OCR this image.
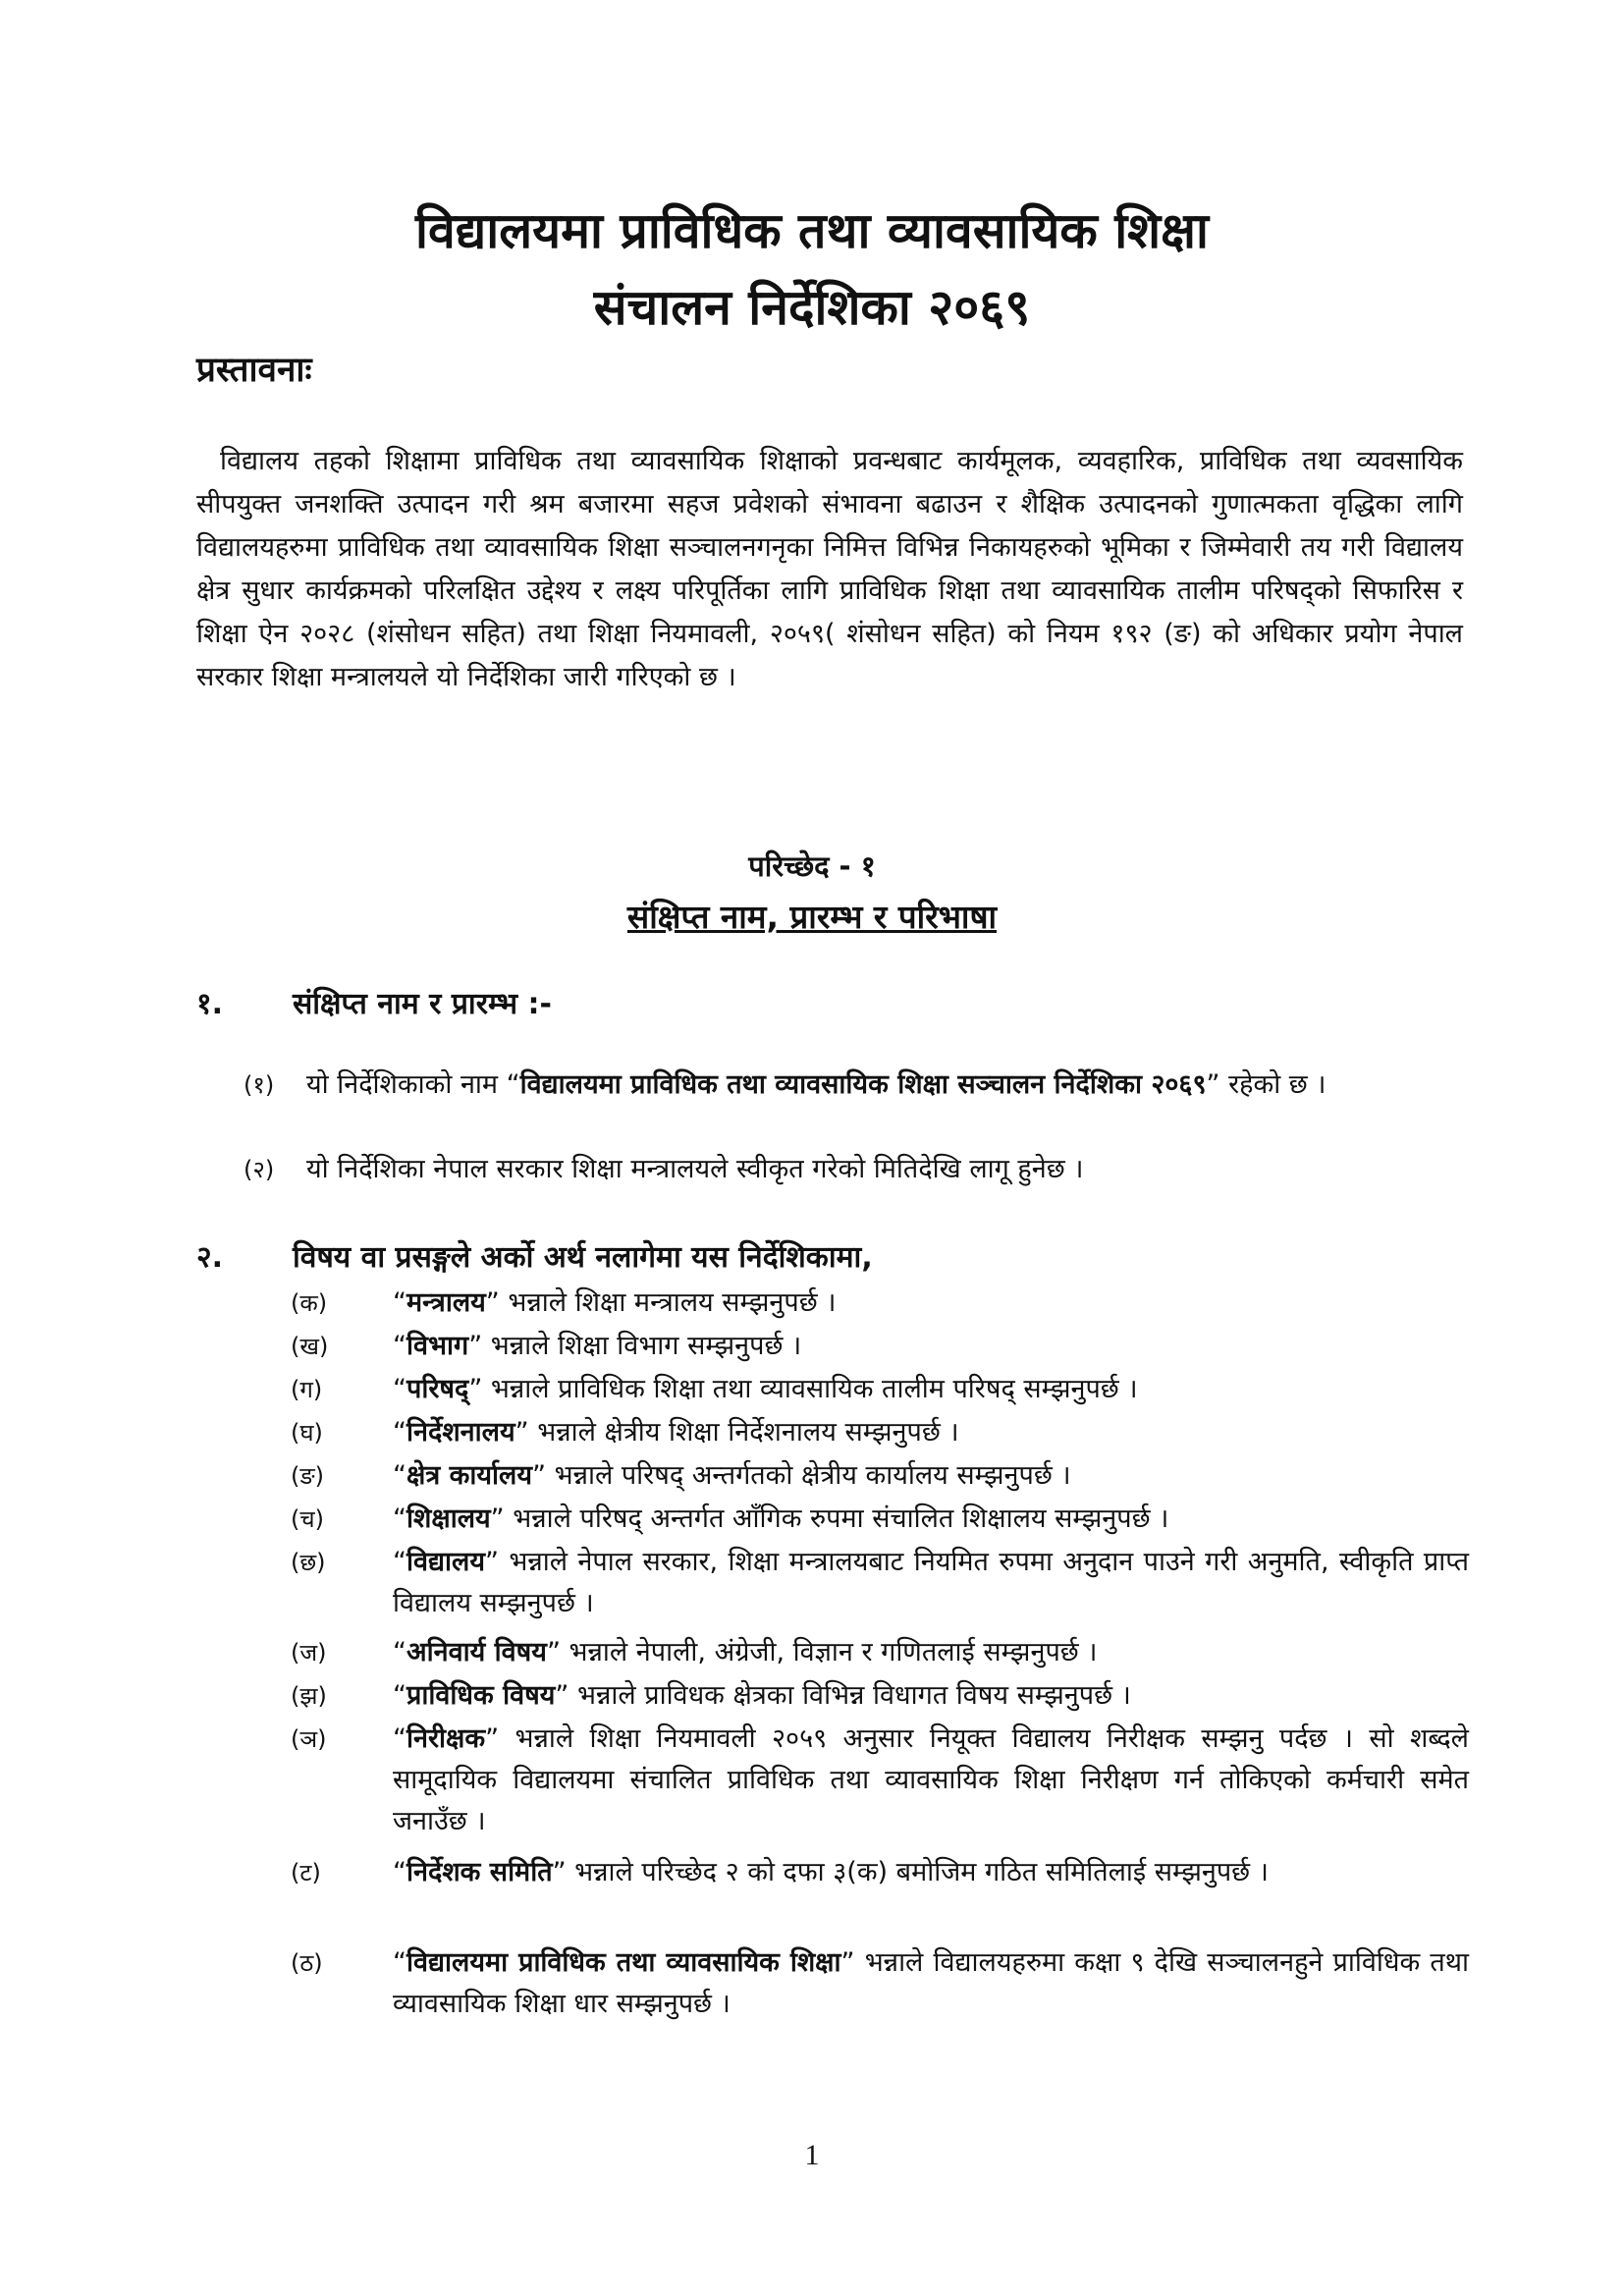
विद्यालयमा प्राविधिक तथा व्यावसायिक शिक्षा
संचालन निर्देशिका २०६९
प्रस्तावनाः

विद्यालय तहको शिक्षामा प्राविधिक तथा व्यावसायिक शिक्षाको प्रवन्धबाट कार्यमूलक, व्यवहारिक, प्राविधिक तथा व्यवसायिक सीपयुक्त जनशक्ति उत्पादन गरी श्रम बजारमा सहज प्रवेशको संभावना बढाउन र शैक्षिक उत्पादनको गुणात्मकता वृद्धिका लागि विद्यालयहरुमा प्राविधिक तथा व्यावसायिक शिक्षा सञ्चालनगनृका निमित्त विभिन्न निकायहरुको भूमिका र जिम्मेवारी तय गरी विद्यालय क्षेत्र सुधार कार्यक्रमको परिलक्षित उद्देश्य र लक्ष्य परिपूर्तिका लागि प्राविधिक शिक्षा तथा व्यावसायिक तालीम परिषद्को सिफारिस र शिक्षा ऐन २०२८ (शंसोधन सहित) तथा शिक्षा नियमावली, २०५९( शंसोधन सहित) को नियम १९२ (ङ) को अधिकार प्रयोग नेपाल सरकार शिक्षा मन्त्रालयले यो निर्देशिका जारी गरिएको छ ।

परिच्छेद - १

संक्षिप्त नाम, प्रारम्भ र परिभाषा

१. संक्षिप्त नाम र प्रारम्भ :-
(१) यो निर्देशिकाको नाम “विद्यालयमा प्राविधिक तथा व्यावसायिक शिक्षा सञ्चालन निर्देशिका २०६९” रहेको छ ।
(२) यो निर्देशिका नेपाल सरकार शिक्षा मन्त्रालयले स्वीकृत गरेको मितिदेखि लागू हुनेछ ।
२. विषय वा प्रसङ्गले अर्को अर्थ नलागेमा यस निर्देशिकामा,
(क) “मन्त्रालय” भन्नाले शिक्षा मन्त्रालय सम्झनुपर्छ ।
(ख) “विभाग” भन्नाले शिक्षा विभाग सम्झनुपर्छ ।
(ग)	“परिषद्” भन्नाले प्राविधिक शिक्षा तथा व्यावसायिक तालीम परिषद् सम्झनुपर्छ ।
(घ)	“निर्देशनालय” भन्नाले क्षेत्रीय शिक्षा निर्देशनालय सम्झनुपर्छ ।
(ङ)	“क्षेत्र कार्यालय” भन्नाले परिषद् अन्तर्गतको क्षेत्रीय कार्यालय सम्झनुपर्छ ।
(च)	“शिक्षालय” भन्नाले परिषद् अन्तर्गत आँगिक रुपमा संचालित शिक्षालय सम्झनुपर्छ ।
(छ)	“विद्यालय” भन्नाले नेपाल सरकार, शिक्षा मन्त्रालयबाट नियमित रुपमा अनुदान पाउने गरी अनुमति, स्वीकृति प्राप्त विद्यालय सम्झनुपर्छ ।
(ज) “अनिवार्य विषय” भन्नाले नेपाली, अंग्रेजी, विज्ञान र गणितलाई सम्झनुपर्छ ।
(झ) “प्राविधिक विषय” भन्नाले प्राविधक क्षेत्रका विभिन्न विधागत विषय सम्झनुपर्छ ।
(ञ) “निरीक्षक” भन्नाले शिक्षा नियमावली २०५९ अनुसार नियूक्त विद्यालय निरीक्षक सम्झनु पर्दछ । सो शब्दले सामूदायिक विद्यालयमा संचालित प्राविधिक तथा व्यावसायिक शिक्षा निरीक्षण गर्न तोकिएको कर्मचारी समेत जनाउँछ ।
(ट)	“निर्देशक समिति” भन्नाले परिच्छेद २ को दफा ३(क) बमोजिम गठित समितिलाई सम्झनुपर्छ ।
(ठ)	“विद्यालयमा प्राविधिक तथा व्यावसायिक शिक्षा” भन्नाले विद्यालयहरुमा कक्षा ९ देखि सञ्चालनहुने प्राविधिक तथा व्यावसायिक शिक्षा धार सम्झनुपर्छ ।

1
